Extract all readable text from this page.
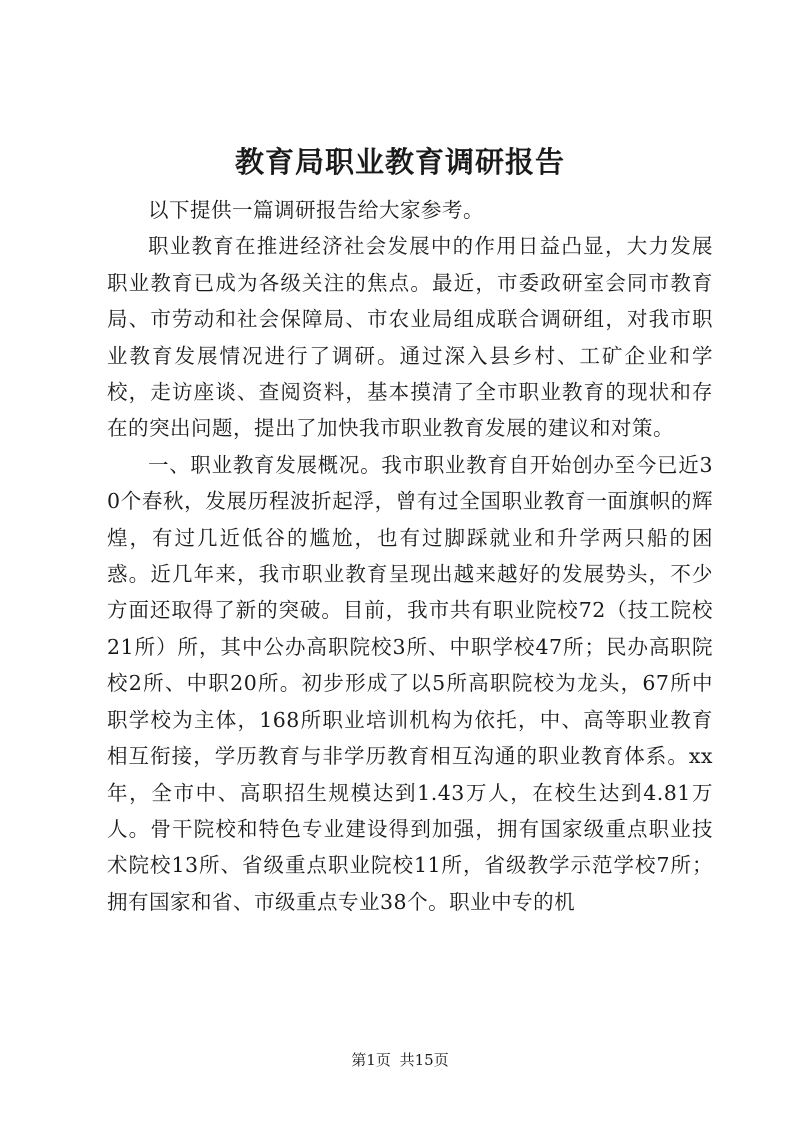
教育局职业教育调研报告

以下提供一篇调研报告给大家参考。

职业教育在推进经济社会发展中的作用日益凸显，大力发展职业教育已成为各级关注的焦点。最近，市委政研室会同市教育局、市劳动和社会保障局、市农业局组成联合调研组，对我市职业教育发展情况进行了调研。通过深入县乡村、工矿企业和学校，走访座谈、查阅资料，基本摸清了全市职业教育的现状和存在的突出问题，提出了加快我市职业教育发展的建议和对策。

一、职业教育发展概况。我市职业教育自开始创办至今已近30个春秋，发展历程波折起浮，曾有过全国职业教育一面旗帜的辉煌，有过几近低谷的尴尬，也有过脚踩就业和升学两只船的困惑。近几年来，我市职业教育呈现出越来越好的发展势头，不少方面还取得了新的突破。目前，我市共有职业院校72（技工院校21所）所，其中公办高职院校3所、中职学校47所；民办高职院校2所、中职20所。初步形成了以5所高职院校为龙头，67所中职学校为主体，168所职业培训机构为依托，中、高等职业教育相互衔接，学历教育与非学历教育相互沟通的职业教育体系。xx年，全市中、高职招生规模达到1.43万人，在校生达到4.81万人。骨干院校和特色专业建设得到加强，拥有国家级重点职业技术院校13所、省级重点职业院校11所，省级教学示范学校7所；拥有国家和省、市级重点专业38个。职业中专的机

第1页 共15页
